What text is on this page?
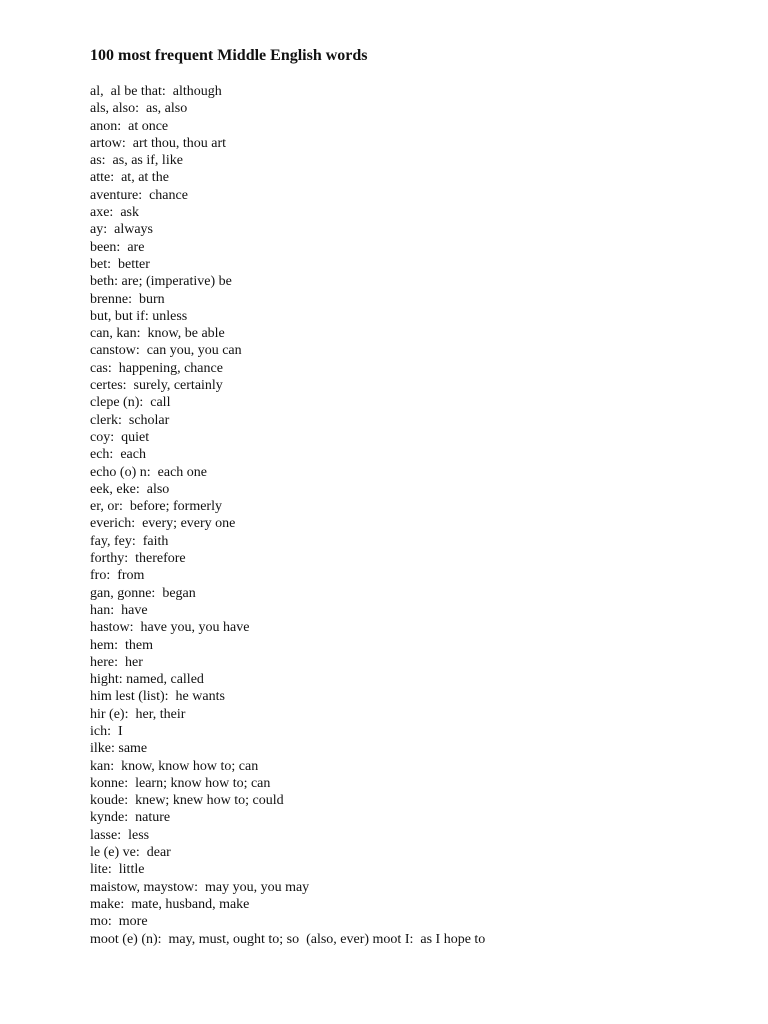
100 most frequent Middle English words
al,  al be that:  although
als, also:  as, also
anon:  at once
artow:  art thou, thou art
as:  as, as if, like
atte:  at, at the
aventure:  chance
axe:  ask
ay:  always
been:  are
bet:  better
beth: are; (imperative) be
brenne:  burn
but, but if: unless
can, kan:  know, be able
canstow:  can you, you can
cas:  happening, chance
certes:  surely, certainly
clepe (n):  call
clerk:  scholar
coy:  quiet
ech:  each
echo (o) n:  each one
eek, eke:  also
er, or:  before; formerly
everich:  every; every one
fay, fey:  faith
forthy:  therefore
fro:  from
gan, gonne:  began
han:  have
hastow:  have you, you have
hem:  them
here:  her
hight: named, called
him lest (list):  he wants
hir (e):  her, their
ich:  I
ilke: same
kan:  know, know how to; can
konne:  learn; know how to; can
koude:  knew; knew how to; could
kynde:  nature
lasse:  less
le (e) ve:  dear
lite:  little
maistow, maystow:  may you, you may
make:  mate, husband, make
mo:  more
moot (e) (n):  may, must, ought to; so  (also, ever) moot I:  as I hope to
